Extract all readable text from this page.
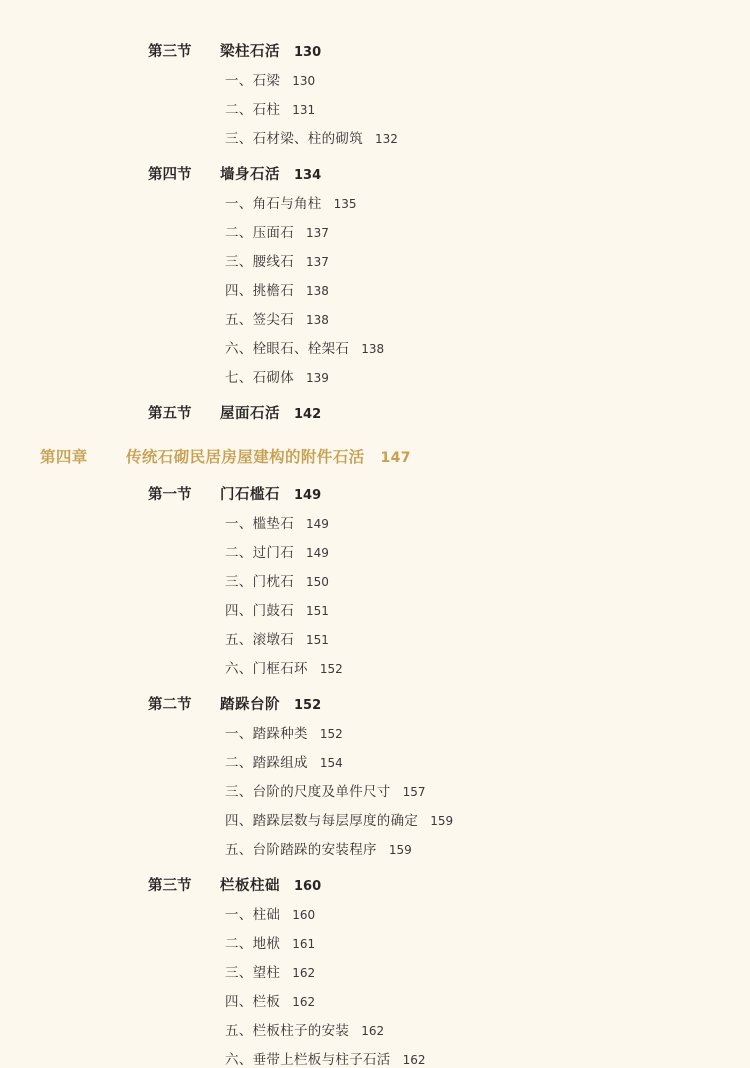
第三节	梁柱石活 130
一、石梁 130
二、石柱 131
三、石材梁、柱的砌筑 132
第四节	墙身石活 134
一、角石与角柱 135
二、压面石 137
三、腰线石 137
四、挑檐石 138
五、签尖石 138
六、栓眼石、栓架石 138
七、石砌体 139
第五节	屋面石活 142
第四章	传统石砌民居房屋建构的附件石活 147
第一节	门石槛石 149
一、槛垫石 149
二、过门石 149
三、门枕石 150
四、门鼓石 151
五、滚墩石 151
六、门框石环 152
第二节	踏跺台阶 152
一、踏跺种类 152
二、踏跺组成 154
三、台阶的尺度及单件尺寸 157
四、踏跺层数与每层厚度的确定 159
五、台阶踏跺的安装程序 159
第三节	栏板柱础 160
一、柱础 160
二、地栿 161
三、望柱 162
四、栏板 162
五、栏板柱子的安装 162
六、垂带上栏板与柱子石活 162
